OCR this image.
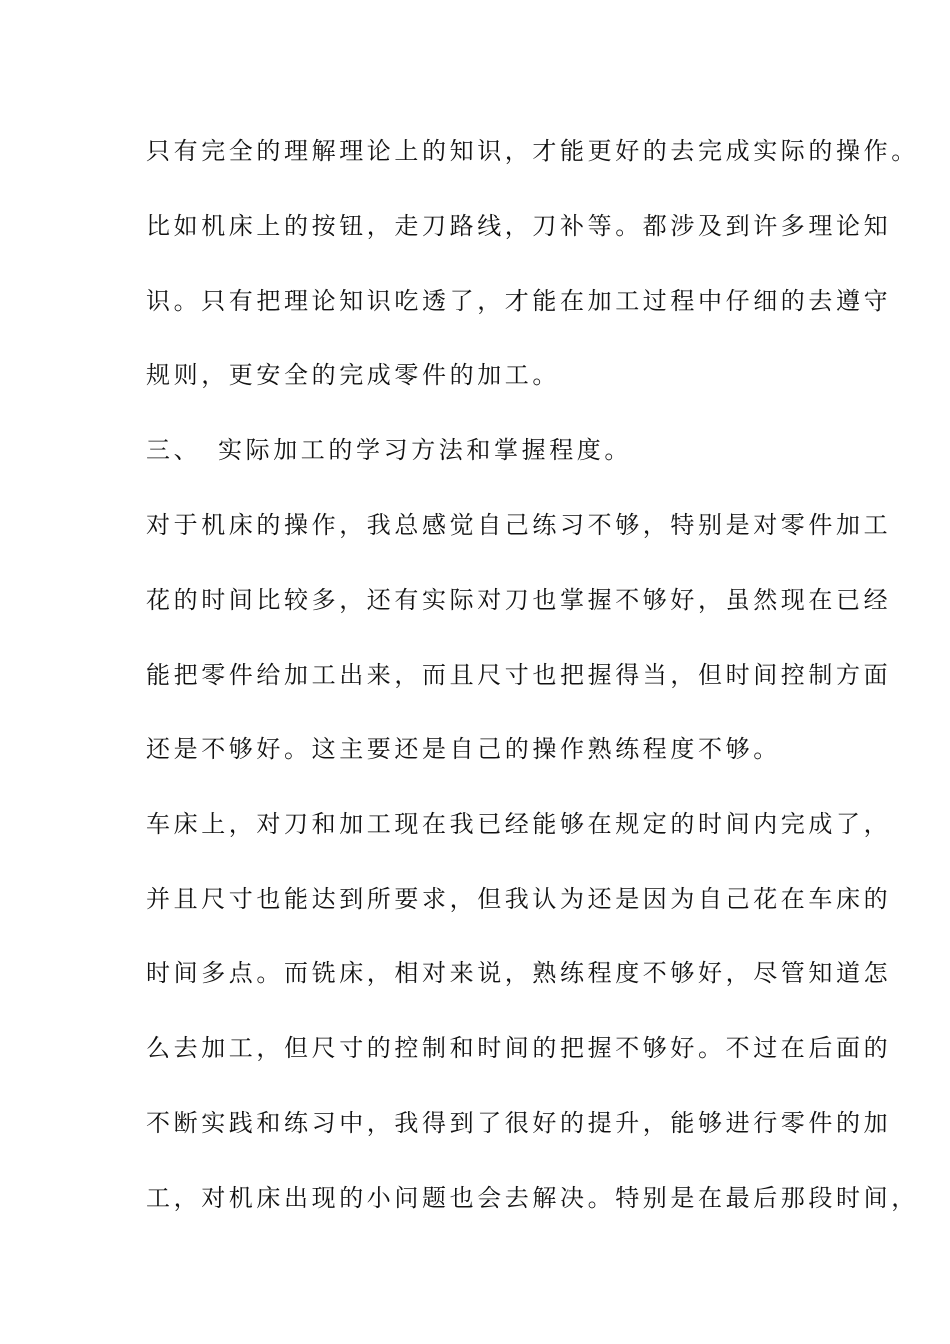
只有完全的理解理论上的知识，才能更好的去完成实际的操作。
比如机床上的按钮，走刀路线，刀补等。都涉及到许多理论知
识。只有把理论知识吃透了，才能在加工过程中仔细的去遵守
规则，更安全的完成零件的加工。
三、 实际加工的学习方法和掌握程度。
对于机床的操作，我总感觉自己练习不够，特别是对零件加工
花的时间比较多，还有实际对刀也掌握不够好，虽然现在已经
能把零件给加工出来，而且尺寸也把握得当，但时间控制方面
还是不够好。这主要还是自己的操作熟练程度不够。
车床上，对刀和加工现在我已经能够在规定的时间内完成了，
并且尺寸也能达到所要求，但我认为还是因为自己花在车床的
时间多点。而铣床，相对来说，熟练程度不够好，尽管知道怎
么去加工，但尺寸的控制和时间的把握不够好。不过在后面的
不断实践和练习中，我得到了很好的提升，能够进行零件的加
工，对机床出现的小问题也会去解决。特别是在最后那段时间，
